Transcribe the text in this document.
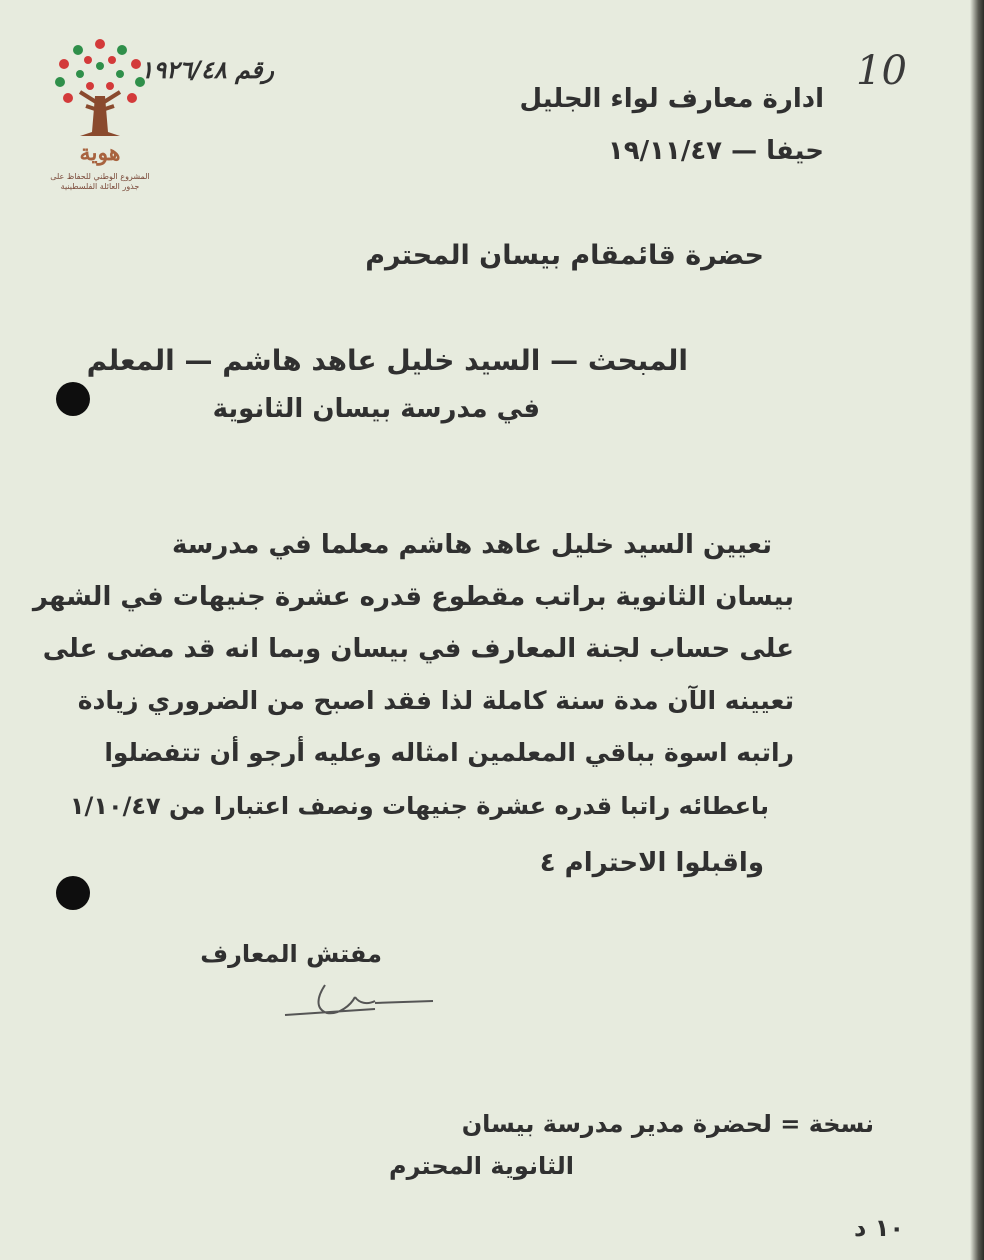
هوية
المشروع الوطني للحفاظ على
جذور العائلة الفلسطينية
رقم ١٩٢٦/٤٨	10
ادارة معارف لواء الجليل
حيفا — ١٩/١١/٤٧
حضرة قائمقام بيسان المحترم
المبحث — السيد خليل عاهد هاشم — المعلم
في مدرسة بيسان الثانوية
تعيين السيد خليل عاهد هاشم معلما في مدرسة
بيسان الثانوية براتب مقطوع قدره عشرة جنيهات في الشهر
على حساب لجنة المعارف في بيسان وبما انه قد مضى على
تعيينه الآن مدة سنة كاملة لذا فقد اصبح من الضروري زيادة
راتبه اسوة بباقي المعلمين امثاله وعليه أرجو أن تتفضلوا
باعطائه راتبا قدره عشرة جنيهات ونصف اعتبارا من ١/١٠/٤٧
واقبلوا الاحترام ٤
مفتش المعارف
نسخة = لحضرة مدير مدرسة بيسان
الثانوية المحترم
١٠ د
